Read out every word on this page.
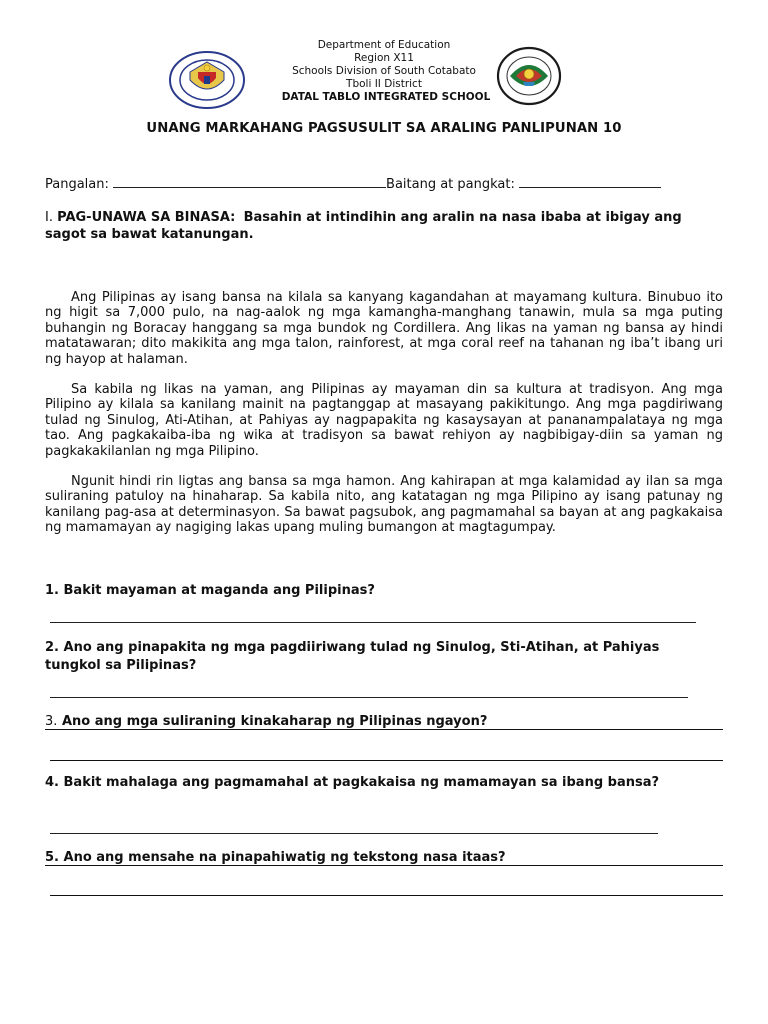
Department of Education
Region X11
Schools Division of South Cotabato
Tboli II District
DATAL TABLO INTEGRATED SCHOOL
UNANG MARKAHANG PAGSUSULIT SA ARALING PANLIPUNAN 10
Pangalan:	Baitang at pangkat:
I. PAG-UNAWA SA BINASA: Basahin at intindihin ang aralin na nasa ibaba at ibigay ang sagot sa bawat katanungan.

Ang Pilipinas ay isang bansa na kilala sa kanyang kagandahan at mayamang kultura. Binubuo ito ng higit sa 7,000 pulo, na nag-aalok ng mga kamangha-manghang tanawin, mula sa mga puting buhangin ng Boracay hanggang sa mga bundok ng Cordillera. Ang likas na yaman ng bansa ay hindi matatawaran; dito makikita ang mga talon, rainforest, at mga coral reef na tahanan ng iba’t ibang uri ng hayop at halaman.

Sa kabila ng likas na yaman, ang Pilipinas ay mayaman din sa kultura at tradisyon. Ang mga Pilipino ay kilala sa kanilang mainit na pagtanggap at masayang pakikitungo. Ang mga pagdiriwang tulad ng Sinulog, Ati-Atihan, at Pahiyas ay nagpapakita ng kasaysayan at pananampalataya ng mga tao. Ang pagkakaiba-iba ng wika at tradisyon sa bawat rehiyon ay nagbibigay-diin sa yaman ng pagkakakilanlan ng mga Pilipino.

Ngunit hindi rin ligtas ang bansa sa mga hamon. Ang kahirapan at mga kalamidad ay ilan sa mga suliraning patuloy na hinaharap. Sa kabila nito, ang katatagan ng mga Pilipino ay isang patunay ng kanilang pag-asa at determinasyon. Sa bawat pagsubok, ang pagmamahal sa bayan at ang pagkakaisa ng mamamayan ay nagiging lakas upang muling bumangon at magtagumpay.

1. Bakit mayaman at maganda ang Pilipinas?
2. Ano ang pinapakita ng mga pagdiiriwang tulad ng Sinulog, Sti-Atihan, at Pahiyas tungkol sa Pilipinas?
3. Ano ang mga suliraning kinakaharap ng Pilipinas ngayon?
4. Bakit mahalaga ang pagmamahal at pagkakaisa ng mamamayan sa ibang bansa?
5. Ano ang mensahe na pinapahiwatig ng tekstong nasa itaas?
